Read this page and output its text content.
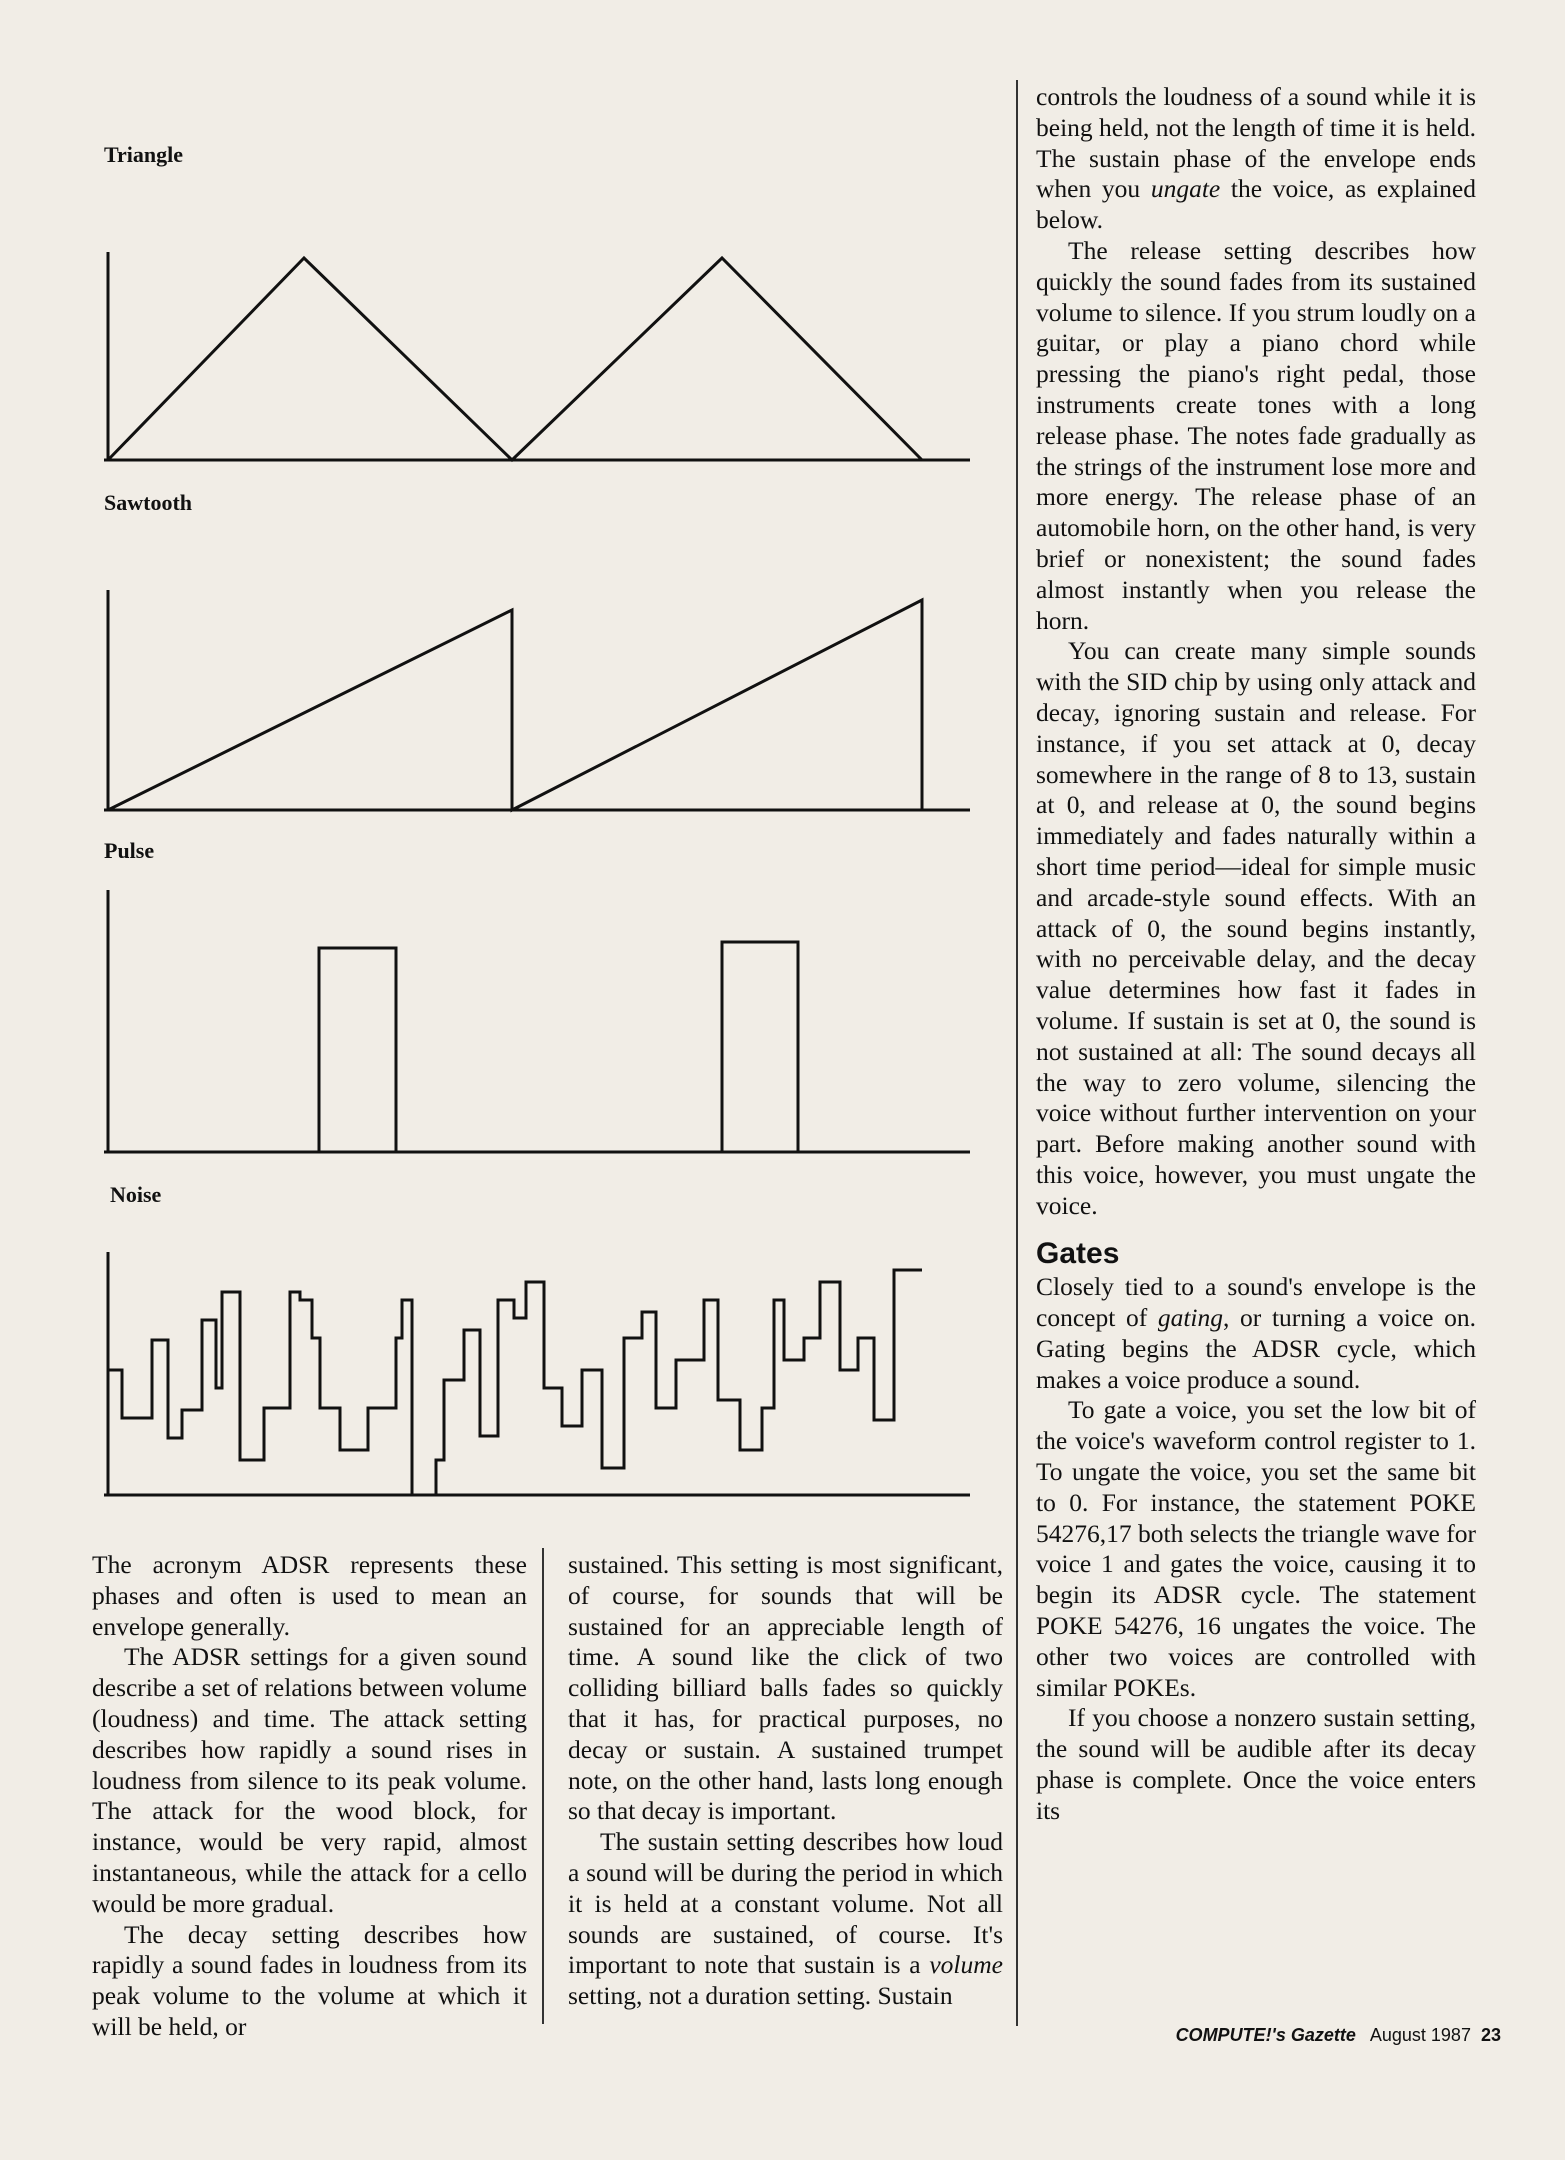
Triangle
Sawtooth
Pulse
Noise

The acronym ADSR represents these phases and often is used to mean an envelope generally.

The ADSR settings for a given sound describe a set of relations between volume (loudness) and time. The attack setting describes how rapidly a sound rises in loudness from silence to its peak volume. The attack for the wood block, for instance, would be very rapid, almost instantaneous, while the attack for a cello would be more gradual.

The decay setting describes how rapidly a sound fades in loudness from its peak volume to the volume at which it will be held, or

sustained. This setting is most significant, of course, for sounds that will be sustained for an appreciable length of time. A sound like the click of two colliding billiard balls fades so quickly that it has, for practical purposes, no decay or sustain. A sustained trumpet note, on the other hand, lasts long enough so that decay is important.

The sustain setting describes how loud a sound will be during the period in which it is held at a constant volume. Not all sounds are sustained, of course. It's important to note that sustain is a volume setting, not a duration setting. Sustain

controls the loudness of a sound while it is being held, not the length of time it is held. The sustain phase of the envelope ends when you ungate the voice, as explained below.

The release setting describes how quickly the sound fades from its sustained volume to silence. If you strum loudly on a guitar, or play a piano chord while pressing the piano's right pedal, those instruments create tones with a long release phase. The notes fade gradually as the strings of the instrument lose more and more energy. The release phase of an automobile horn, on the other hand, is very brief or nonexistent; the sound fades almost instantly when you release the horn.

You can create many simple sounds with the SID chip by using only attack and decay, ignoring sustain and release. For instance, if you set attack at 0, decay somewhere in the range of 8 to 13, sustain at 0, and release at 0, the sound begins immediately and fades naturally within a short time period—ideal for simple music and arcade-style sound effects. With an attack of 0, the sound begins instantly, with no perceivable delay, and the decay value determines how fast it fades in volume. If sustain is set at 0, the sound is not sustained at all: The sound decays all the way to zero volume, silencing the voice without further intervention on your part. Before making another sound with this voice, however, you must ungate the voice.

Gates

Closely tied to a sound's envelope is the concept of gating, or turning a voice on. Gating begins the ADSR cycle, which makes a voice produce a sound.

To gate a voice, you set the low bit of the voice's waveform control register to 1. To ungate the voice, you set the same bit to 0. For instance, the statement POKE 54276,17 both selects the triangle wave for voice 1 and gates the voice, causing it to begin its ADSR cycle. The statement POKE 54276, 16 ungates the voice. The other two voices are controlled with similar POKEs.

If you choose a nonzero sustain setting, the sound will be audible after its decay phase is complete. Once the voice enters its

COMPUTE!'s Gazette August 1987 23
